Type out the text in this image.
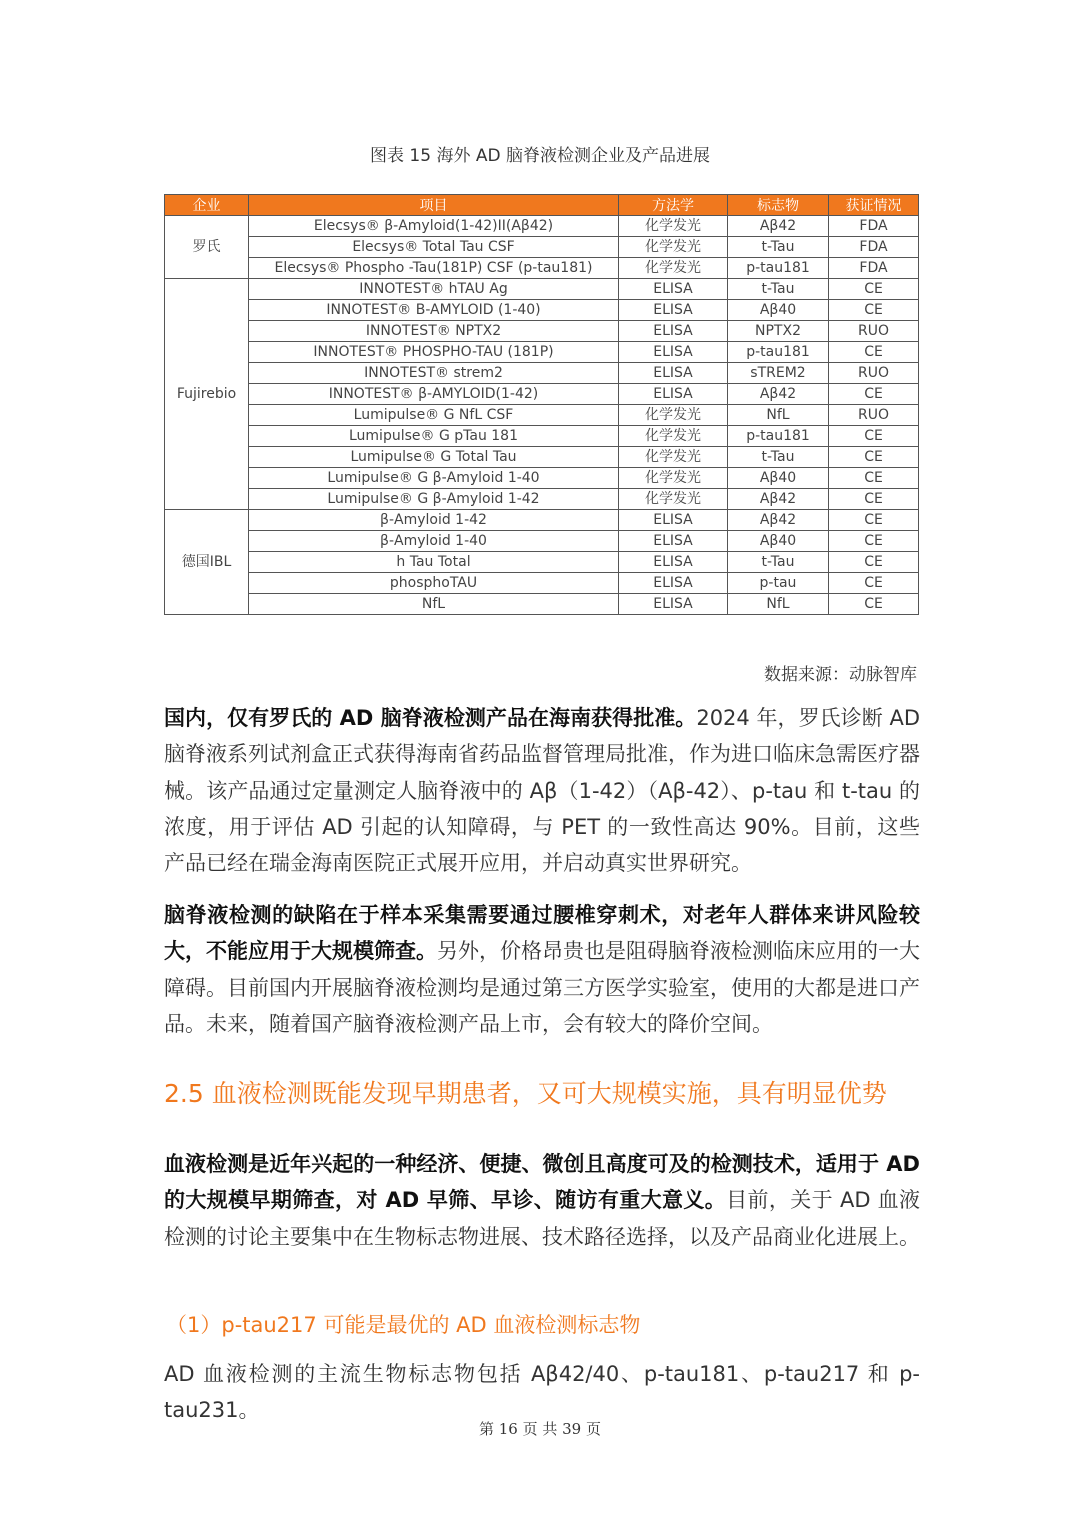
图表 15 海外 AD 脑脊液检测企业及产品进展
企业	项目	方法学	标志物	获证情况
罗氏	Elecsys® β-Amyloid(1-42)II(Aβ42)	化学发光	Aβ42	FDA
	Elecsys® Total Tau CSF	化学发光	t-Tau	FDA
	Elecsys® Phospho -Tau(181P) CSF (p-tau181)	化学发光	p-tau181	FDA
Fujirebio	INNOTEST® hTAU Ag	ELISA	t-Tau	CE
	INNOTEST® B-AMYLOID (1-40)	ELISA	Aβ40	CE
	INNOTEST® NPTX2	ELISA	NPTX2	RUO
	INNOTEST® PHOSPHO-TAU (181P)	ELISA	p-tau181	CE
	INNOTEST® strem2	ELISA	sTREM2	RUO
	INNOTEST® β-AMYLOID(1-42)	ELISA	Aβ42	CE
	Lumipulse® G NfL CSF	化学发光	NfL	RUO
	Lumipulse® G pTau 181	化学发光	p-tau181	CE
	Lumipulse® G Total Tau	化学发光	t-Tau	CE
	Lumipulse® G β-Amyloid 1-40	化学发光	Aβ40	CE
	Lumipulse® G β-Amyloid 1-42	化学发光	Aβ42	CE
德国IBL	β-Amyloid 1-42	ELISA	Aβ42	CE
	β-Amyloid 1-40	ELISA	Aβ40	CE
	h Tau Total	ELISA	t-Tau	CE
	phosphoTAU	ELISA	p-tau	CE
	NfL	ELISA	NfL	CE
数据来源：动脉智库

国内，仅有罗氏的 AD 脑脊液检测产品在海南获得批准。2024 年，罗氏诊断 AD 脑脊液系列试剂盒正式获得海南省药品监督管理局批准，作为进口临床急需医疗器械。该产品通过定量测定人脑脊液中的 Aβ（1-42）（Aβ-42）、p-tau 和 t-tau 的浓度，用于评估 AD 引起的认知障碍，与 PET 的一致性高达 90%。目前，这些产品已经在瑞金海南医院正式展开应用，并启动真实世界研究。

脑脊液检测的缺陷在于样本采集需要通过腰椎穿刺术，对老年人群体来讲风险较大，不能应用于大规模筛查。另外，价格昂贵也是阻碍脑脊液检测临床应用的一大障碍。目前国内开展脑脊液检测均是通过第三方医学实验室，使用的大都是进口产品。未来，随着国产脑脊液检测产品上市，会有较大的降价空间。

2.5 血液检测既能发现早期患者，又可大规模实施，具有明显优势

血液检测是近年兴起的一种经济、便捷、微创且高度可及的检测技术，适用于 AD 的大规模早期筛查，对 AD 早筛、早诊、随访有重大意义。目前，关于 AD 血液检测的讨论主要集中在生物标志物进展、技术路径选择，以及产品商业化进展上。

（1）p-tau217 可能是最优的 AD 血液检测标志物

AD 血液检测的主流生物标志物包括 Aβ42/40、p-tau181、p-tau217 和 p-tau231。

第 16 页 共 39 页
